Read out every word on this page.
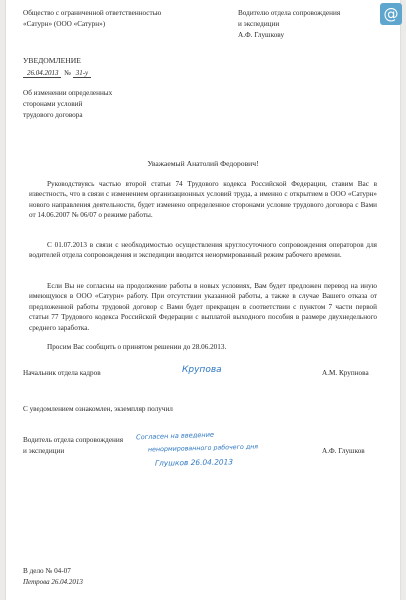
@
Общество с ограниченной ответственностью
«Сатурн» (ООО «Сатурн»)
Водителю отдела сопровождения
и экспедиции
А.Ф. Глушкову
УВЕДОМЛЕНИЕ
26.04.2013 № 31-у
Об изменении определенных
сторонами условий
трудового договора
Уважаемый Анатолий Федорович!
Руководствуясь частью второй статьи 74 Трудового кодекса Российской Федерации, ставим Вас в известность, что в связи с изменением организационных условий труда, а именно с открытием в ООО «Сатурн» нового направления деятельности, будет изменено определенное сторонами условие трудового договора с Вами от 14.06.2007 № 06/07 о режиме работы.
С 01.07.2013 в связи с необходимостью осуществления круглосуточного сопровождения операторов для водителей отдела сопровождения и экспедиции вводится ненормированный режим рабочего времени.
Если Вы не согласны на продолжение работы в новых условиях, Вам будет предложен перевод на иную имеющуюся в ООО «Сатурн» работу. При отсутствии указанной работы, а также в случае Вашего отказа от предложенной работы трудовой договор с Вами будет прекращен в соответствии с пунктом 7 части первой статьи 77 Трудового кодекса Российской Федерации с выплатой выходного пособия в размере двухнедельного среднего заработка.
Просим Вас сообщить о принятом решении до 28.06.2013.
Начальник отдела кадров	Крупова	А.М. Крупнова
С уведомлением ознакомлен, экземпляр получил
Водитель отдела сопровождения
и экспедиции	А.Ф. Глушков
Согласен на введение
ненормированного рабочего дня
Глушков 26.04.2013
В дело № 04-07
Петрова 26.04.2013
